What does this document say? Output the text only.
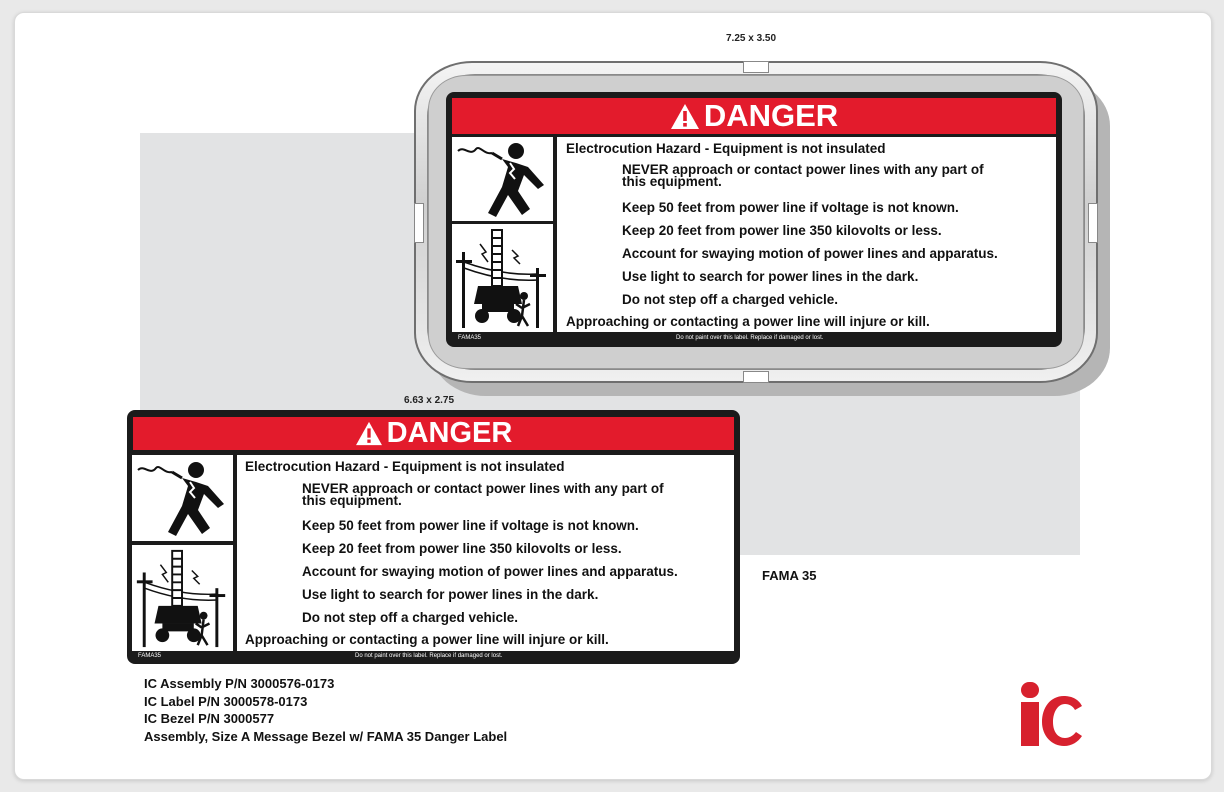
7.25 x 3.50
6.63 x 2.75
DANGER
Electrocution Hazard - Equipment is not insulated
NEVER approach or contact power lines with any part of
this equipment.
Keep 50 feet from power line if voltage is not known.
Keep 20 feet from power line 350 kilovolts or less.
Account for swaying motion of power lines and apparatus.
Use light to search for power lines in the dark.
Do not step off a charged vehicle.
Approaching or contacting a power line will injure or kill.
FAMA35	Do not paint over this label. Replace if damaged or lost.
DANGER
Electrocution Hazard - Equipment is not insulated
NEVER approach or contact power lines with any part of
this equipment.
Keep 50 feet from power line if voltage is not known.
Keep 20 feet from power line 350 kilovolts or less.
Account for swaying motion of power lines and apparatus.
Use light to search for power lines in the dark.
Do not step off a charged vehicle.
Approaching or contacting a power line will injure or kill.
FAMA35	Do not paint over this label. Replace if damaged or lost.
FAMA 35
IC Assembly P/N 3000576-0173
IC Label P/N 3000578-0173
IC Bezel P/N 3000577
Assembly, Size A Message Bezel w/ FAMA 35 Danger Label
